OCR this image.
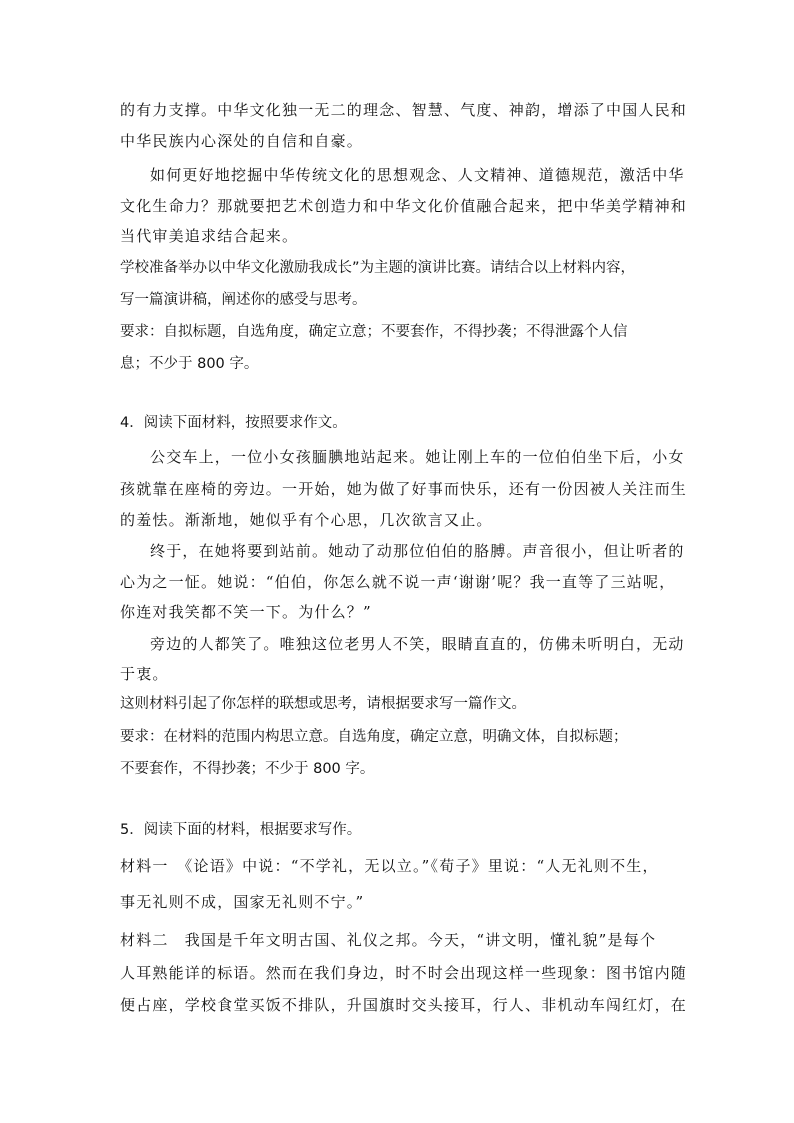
的有力支撑。中华文化独一无二的理念、智慧、气度、神韵，增添了中国人民和
中华民族内心深处的自信和自豪。
如何更好地挖掘中华传统文化的思想观念、人文精神、道德规范，激活中华
文化生命力？那就要把艺术创造力和中华文化价值融合起来，把中华美学精神和
当代审美追求结合起来。
学校准备举办以中华文化激励我成长”为主题的演讲比赛。请结合以上材料内容，
写一篇演讲稿，阐述你的感受与思考。
要求：自拟标题，自选角度，确定立意；不要套作，不得抄袭；不得泄露个人信
息；不少于 800 字。
4．阅读下面材料，按照要求作文。
公交车上，一位小女孩腼腆地站起来。她让刚上车的一位伯伯坐下后，小女
孩就靠在座椅的旁边。一开始，她为做了好事而快乐，还有一份因被人关注而生
的羞怯。渐渐地，她似乎有个心思，几次欲言又止。
终于，在她将要到站前。她动了动那位伯伯的胳膊。声音很小，但让听者的
心为之一怔。她说：“伯伯，你怎么就不说一声‘谢谢’呢？我一直等了三站呢，
你连对我笑都不笑一下。为什么？”
旁边的人都笑了。唯独这位老男人不笑，眼睛直直的，仿佛未听明白，无动
于衷。
这则材料引起了你怎样的联想或思考，请根据要求写一篇作文。
要求：在材料的范围内构思立意。自选角度，确定立意，明确文体，自拟标题；
不要套作，不得抄袭；不少于 800 字。
5．阅读下面的材料，根据要求写作。
材料一　《论语》中说：“不学礼，无以立。”《荀子》里说：“人无礼则不生，
事无礼则不成，国家无礼则不宁。”
材料二　我国是千年文明古国、礼仪之邦。今天，“讲文明，懂礼貌”是每个
人耳熟能详的标语。然而在我们身边，时不时会出现这样一些现象：图书馆内随
便占座，学校食堂买饭不排队，升国旗时交头接耳，行人、非机动车闯红灯，在
